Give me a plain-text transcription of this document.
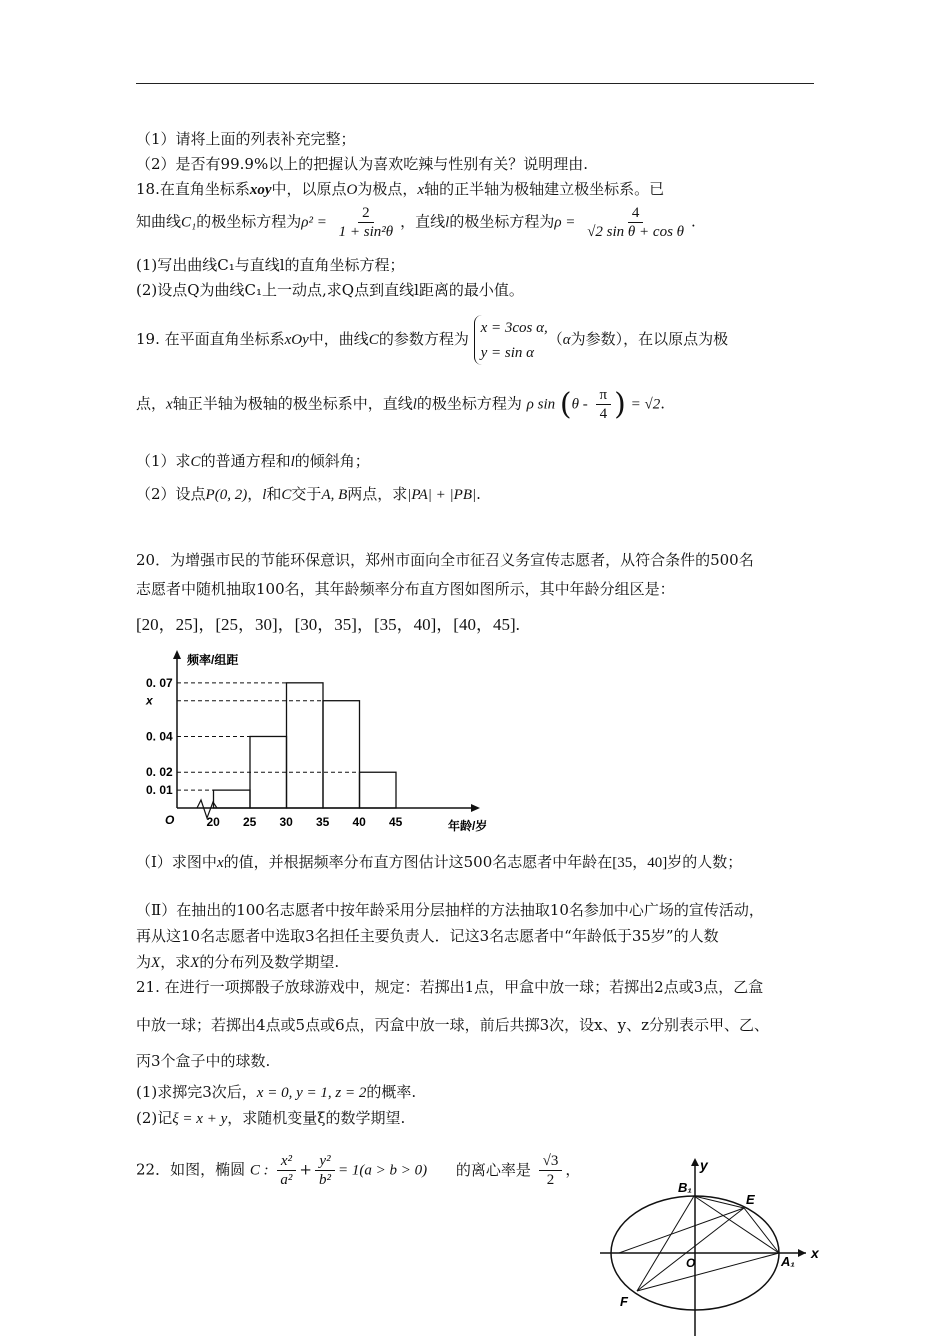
（1）请将上面的列表补充完整；
（2）是否有99.9%以上的把握认为喜欢吃辣与性别有关？说明理由.
18.在直角坐标系xoy中，以原点O为极点，x轴的正半轴为极轴建立极坐标系。已
知曲线C₁的极坐标方程为$\rho^2 = \frac{2}{\text{1 + sin²θ}}$ ，直线l的极坐标方程为$\rho = \frac{4}{\text{√2 sin θ + cos θ}}$ .
(1)写出曲线C₁与直线l的直角坐标方程；
(2)设点Q为曲线C₁上一动点,求Q点到直线l距离的最小值。
19. 在平面直角坐标系xOy中，曲线C的参数方程为 x = 3cos α,
y = sin α（α为参数），在以原点为极
点，x轴正半轴为极轴的极坐标系中，直线l的极坐标方程为 ρ $\sin (\theta - \frac{\pi}{4}$ ) = √2.
（1）求C的普通方程和l的倾斜角；
（2）设点P(0, 2)，l和C交于A, B两点，求|PA| + |PB|.
20．为增强市民的节能环保意识，郑州市面向全市征召义务宣传志愿者，从符合条件的500名
志愿者中随机抽取100名，其年龄频率分布直方图如图所示，其中年龄分组区是：
[20，25]，[25，30]，[30，35]，[35，40]，[40，45].
0. 01
0. 02
0. 04
x
0. 07
20 25 30 35 40 45
O
频率/组距
年龄/岁
（Ⅰ）求图中x的值，并根据频率分布直方图估计这500名志愿者中年龄在[35，40]岁的人数；
（Ⅱ）在抽出的100名志愿者中按年龄采用分层抽样的方法抽取10名参加中心广场的宣传活动，
再从这10名志愿者中选取3名担任主要负责人．记这3名志愿者中“年龄低于35岁”的人数
为X，求X的分布列及数学期望.
21. 在进行一项掷骰子放球游戏中，规定：若掷出1点，甲盒中放一球；若掷出2点或3点，乙盒
中放一球；若掷出4点或5点或6点，丙盒中放一球，前后共掷3次，设x、y、z分别表示甲、乙、
丙3个盒子中的球数.
(1)求掷完3次后，x = 0, y = 1, z = 2的概率.
(2)记ξ = x + y，求随机变量ξ的数学期望.
22．如图，椭圆 C : $\frac{\text{x²}}{\text{a²}} + \frac{\text{y²}}{\text{b²}} = 1(a > b > 0)$ 的离心率是 $\frac{√3}{2}$ ，	y
x
B₁
E
O	A₁
F
